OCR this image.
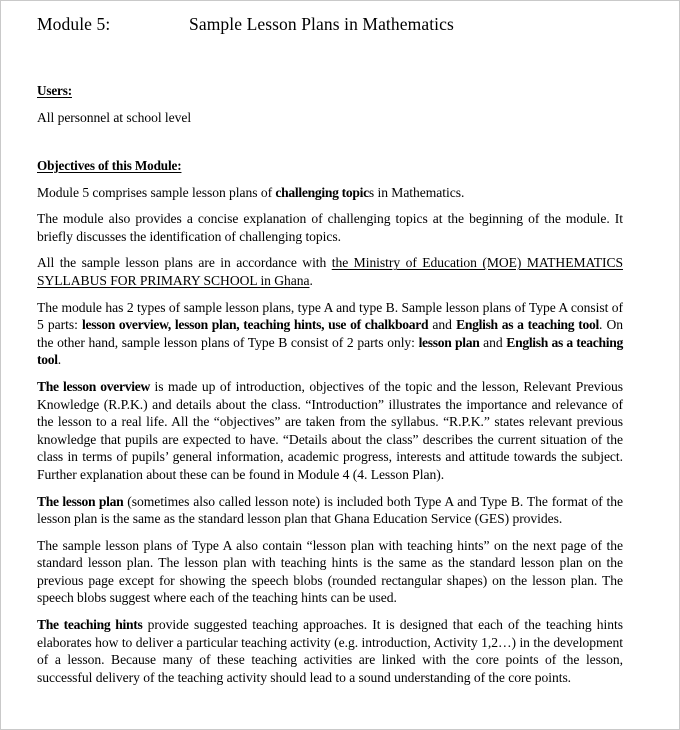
Module 5:	Sample Lesson Plans in Mathematics
Users:

All personnel at school level

Objectives of this Module:

Module 5 comprises sample lesson plans of challenging topics in Mathematics.

The module also provides a concise explanation of challenging topics at the beginning of the module. It briefly discusses the identification of challenging topics.

All the sample lesson plans are in accordance with the Ministry of Education (MOE) MATHEMATICS SYLLABUS FOR PRIMARY SCHOOL in Ghana.

The module has 2 types of sample lesson plans, type A and type B. Sample lesson plans of Type A consist of 5 parts: lesson overview, lesson plan, teaching hints, use of chalkboard and English as a teaching tool. On the other hand, sample lesson plans of Type B consist of 2 parts only: lesson plan and English as a teaching tool.

The lesson overview is made up of introduction, objectives of the topic and the lesson, Relevant Previous Knowledge (R.P.K.) and details about the class. “Introduction” illustrates the importance and relevance of the lesson to a real life. All the “objectives” are taken from the syllabus. “R.P.K.” states relevant previous knowledge that pupils are expected to have. “Details about the class” describes the current situation of the class in terms of pupils’ general information, academic progress, interests and attitude towards the subject. Further explanation about these can be found in Module 4 (4. Lesson Plan).

The lesson plan (sometimes also called lesson note) is included both Type A and Type B. The format of the lesson plan is the same as the standard lesson plan that Ghana Education Service (GES) provides.

The sample lesson plans of Type A also contain “lesson plan with teaching hints” on the next page of the standard lesson plan. The lesson plan with teaching hints is the same as the standard lesson plan on the previous page except for showing the speech blobs (rounded rectangular shapes) on the lesson plan. The speech blobs suggest where each of the teaching hints can be used.

The teaching hints provide suggested teaching approaches. It is designed that each of the teaching hints elaborates how to deliver a particular teaching activity (e.g. introduction, Activity 1,2…) in the development of a lesson. Because many of these teaching activities are linked with the core points of the lesson, successful delivery of the teaching activity should lead to a sound understanding of the core points.
